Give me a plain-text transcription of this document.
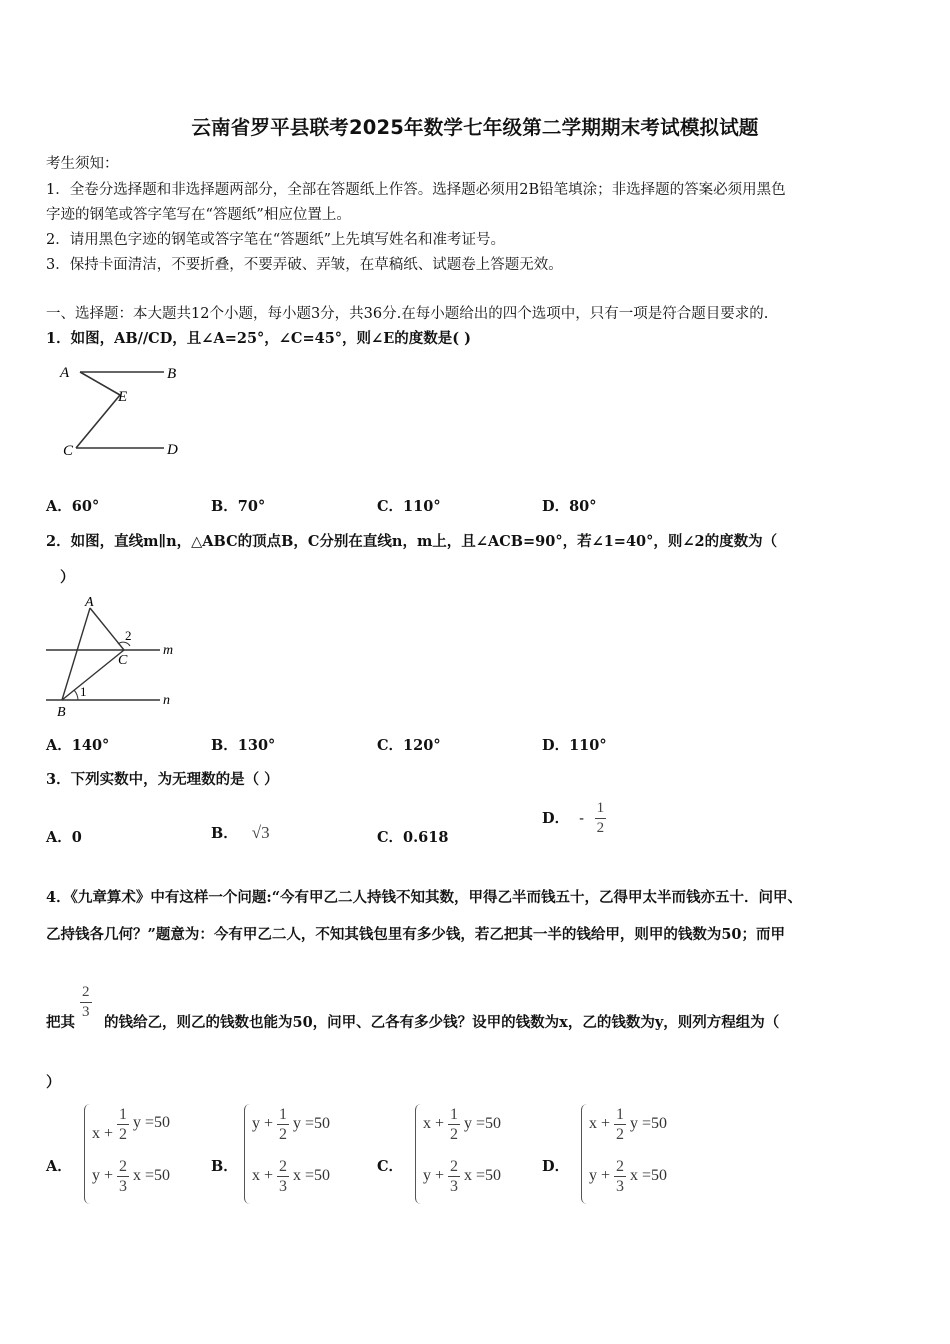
云南省罗平县联考2025年数学七年级第二学期期末考试模拟试题
考生须知：
1．全卷分选择题和非选择题两部分，全部在答题纸上作答。选择题必须用2B铅笔填涂；非选择题的答案必须用黑色
字迹的钢笔或答字笔写在“答题纸”相应位置上。
2．请用黑色字迹的钢笔或答字笔在“答题纸”上先填写姓名和准考证号。
3．保持卡面清洁，不要折叠，不要弄破、弄皱，在草稿纸、试题卷上答题无效。
一、选择题：本大题共12个小题，每小题3分，共36分.在每小题给出的四个选项中，只有一项是符合题目要求的.
1．如图，AB//CD，且∠A=25°，∠C=45°，则∠E的度数是( )
A	B
E
C	D
A．60°	B．70°	C．110°	D．80°
2．如图，直线m∥n，△ABC的顶点B，C分别在直线n，m上，且∠ACB=90°，若∠1=40°，则∠2的度数为（
）
A
B
C
2
1
m
n
A．140°	B．130°	C．120°	D．110°
3．下列实数中，为无理数的是（ ）
A．0	B． √3	C．0.618
D． - $\frac{1}{2}$
4．《九章算术》中有这样一个问题:“今有甲乙二人持钱不知其数，甲得乙半而钱五十，乙得甲太半而钱亦五十．问甲、
乙持钱各几何？”题意为：今有甲乙二人，不知其钱包里有多少钱，若乙把其一半的钱给甲，则甲的钱数为50；而甲
把其
$\frac{2}{3}$
的钱给乙，则乙的钱数也能为50，问甲、乙各有多少钱？设甲的钱数为x，乙的钱数为y，则列方程组为（
）
A．
$x + \frac{1}{2}$ y =50
$y + \frac{2}{3}$ x =50
B．
$y + \frac{1}{2}$ y =50
$x + \frac{2}{3}$ x =50
C．
$x + \frac{1}{2}$ y =50
$y + \frac{2}{3}$ x =50
D．
$x + \frac{1}{2}$ y =50
$y + \frac{2}{3}$ x =50
